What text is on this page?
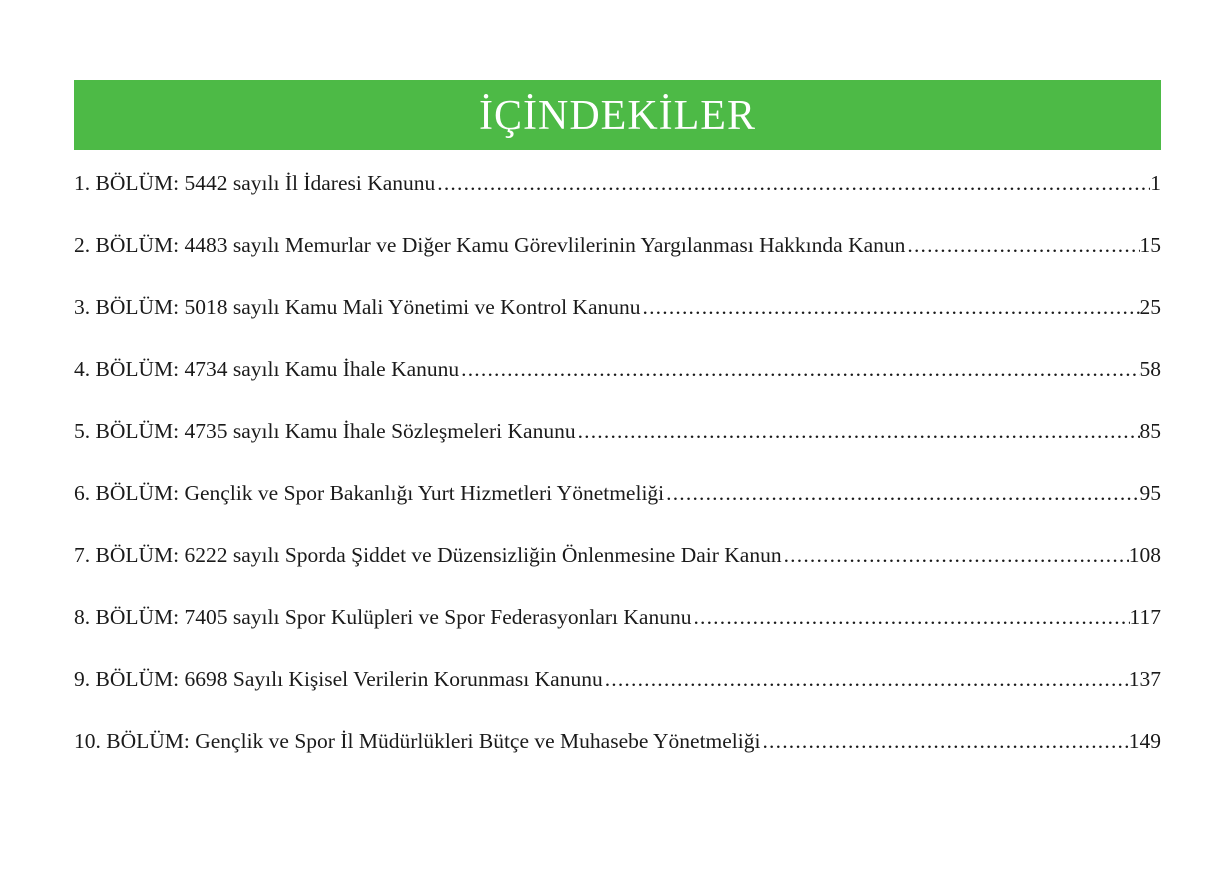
İÇİNDEKİLER
1. BÖLÜM: 5442 sayılı İl İdaresi Kanunu .....	1
2. BÖLÜM: 4483 sayılı Memurlar ve Diğer Kamu Görevlilerinin Yargılanması Hakkında Kanun .....	15
3. BÖLÜM: 5018 sayılı Kamu Mali Yönetimi ve Kontrol Kanunu .....	25
4. BÖLÜM: 4734 sayılı Kamu İhale Kanunu .....	58
5. BÖLÜM: 4735 sayılı Kamu İhale Sözleşmeleri Kanunu .....	85
6. BÖLÜM: Gençlik ve Spor Bakanlığı Yurt Hizmetleri Yönetmeliği .....	95
7. BÖLÜM: 6222 sayılı Sporda Şiddet ve Düzensizliğin Önlenmesine Dair Kanun .....	108
8. BÖLÜM: 7405 sayılı Spor Kulüpleri ve Spor Federasyonları Kanunu .....	117
9. BÖLÜM: 6698 Sayılı Kişisel Verilerin Korunması Kanunu .....	137
10. BÖLÜM: Gençlik ve Spor İl Müdürlükleri Bütçe ve Muhasebe Yönetmeliği .....	149
